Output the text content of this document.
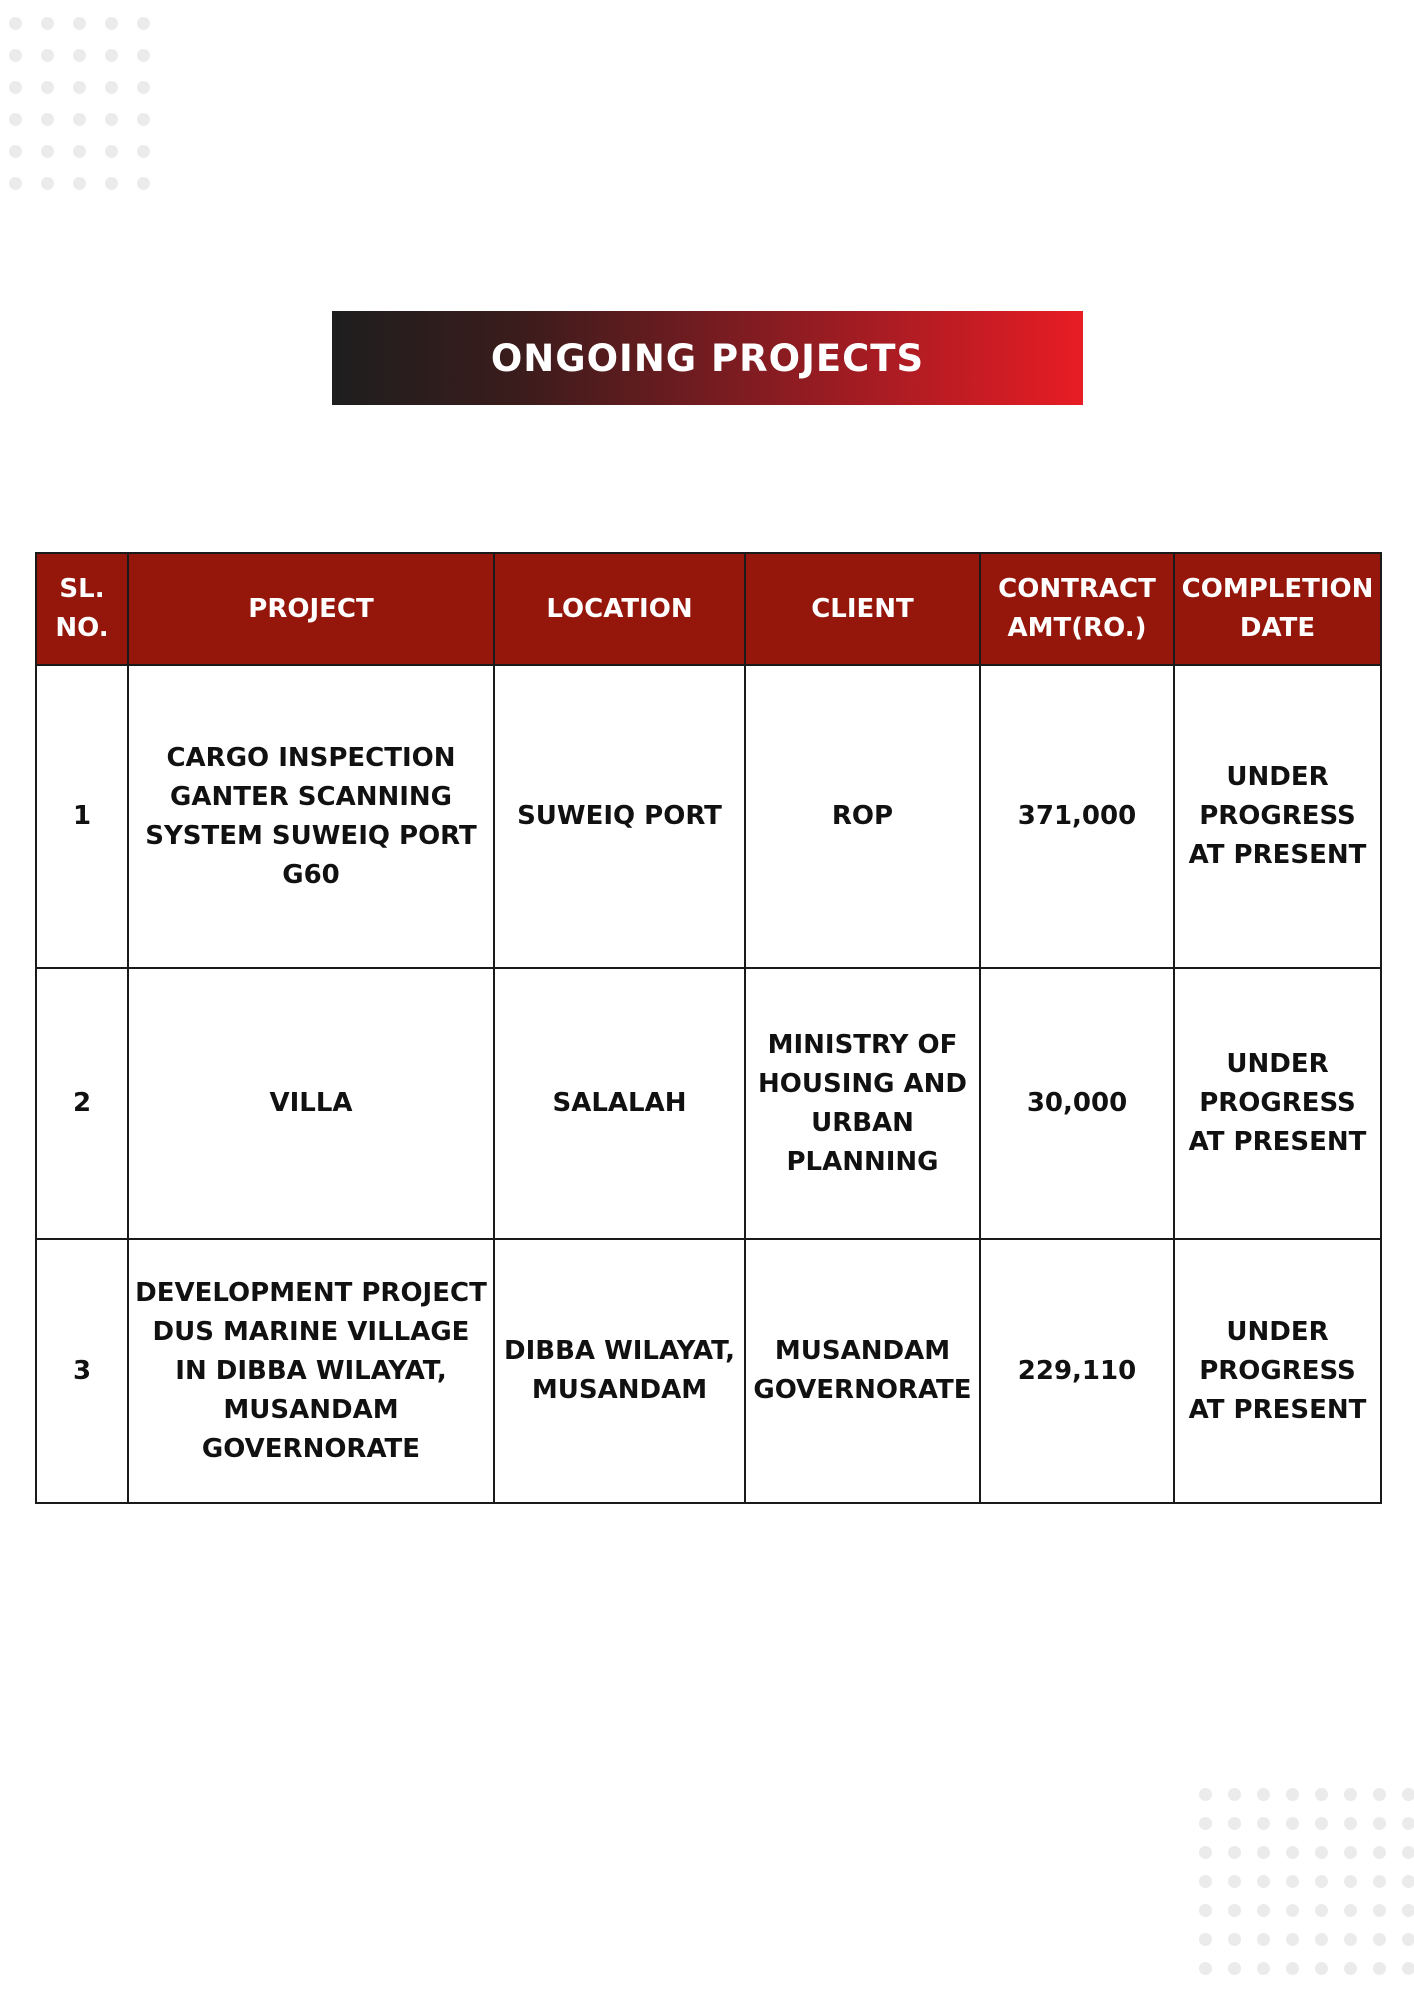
ONGOING PROJECTS
SL. NO.	PROJECT	LOCATION	CLIENT	CONTRACT AMT(RO.)	COMPLETION DATE
1	CARGO INSPECTION GANTER SCANNING SYSTEM SUWEIQ PORT G60	SUWEIQ PORT	ROP	371,000	UNDER PROGRESS AT PRESENT
2	VILLA	SALALAH	MINISTRY OF HOUSING AND URBAN PLANNING	30,000	UNDER PROGRESS AT PRESENT
3	DEVELOPMENT PROJECT DUS MARINE VILLAGE IN DIBBA WILAYAT, MUSANDAM GOVERNORATE	DIBBA WILAYAT, MUSANDAM	MUSANDAM GOVERNORATE	229,110	UNDER PROGRESS AT PRESENT
